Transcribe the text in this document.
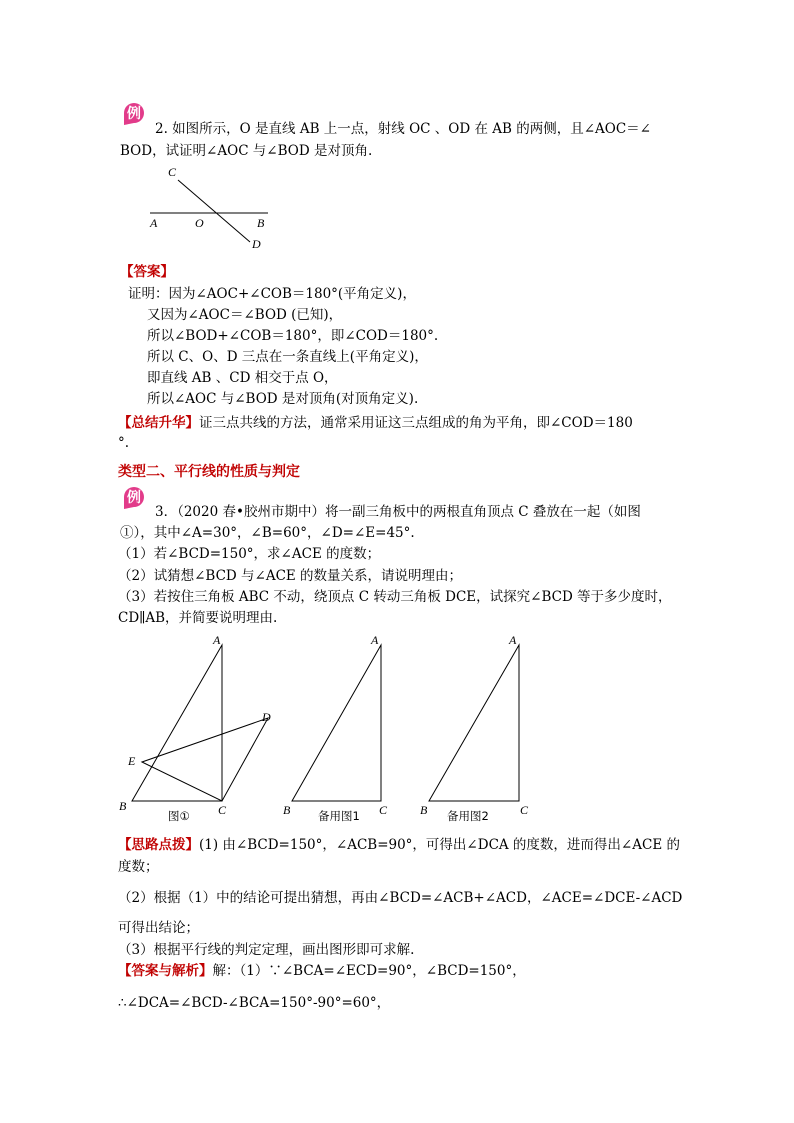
例
2. 如图所示，O 是直线 AB 上一点，射线 OC 、OD 在 AB 的两侧，且∠AOC＝∠
BOD，试证明∠AOC 与∠BOD 是对顶角.
C
A	O	B
D
【答案】
证明：因为∠AOC+∠COB＝180°(平角定义)，
又因为∠AOC＝∠BOD (已知)，
所以∠BOD+∠COB＝180°，即∠COD＝180°.
所以 C、O、D 三点在一条直线上(平角定义)，
即直线 AB 、CD 相交于点 O，
所以∠AOC 与∠BOD 是对顶角(对顶角定义).
【总结升华】证三点共线的方法，通常采用证这三点组成的角为平角，即∠COD＝180
°.
类型二、平行线的性质与判定
例
3．（2020 春•胶州市期中）将一副三角板中的两根直角顶点 C 叠放在一起（如图
①），其中∠A=30°，∠B=60°，∠D=∠E=45°.
（1）若∠BCD=150°，求∠ACE 的度数；
（2）试猜想∠BCD 与∠ACE 的数量关系，请说明理由；
（3）若按住三角板 ABC 不动，绕顶点 C 转动三角板 DCE，试探究∠BCD 等于多少度时，
CD∥AB，并简要说明理由.
A
D
E
B	C
图①
A
B	C
备用图1
A
B	C
备用图2
【思路点拨】(1) 由∠BCD=150°，∠ACB=90°，可得出∠DCA 的度数，进而得出∠ACE 的
度数；
（2）根据（1）中的结论可提出猜想，再由∠BCD=∠ACB+∠ACD，∠ACE=∠DCE-∠ACD
可得出结论；
（3）根据平行线的判定定理，画出图形即可求解.
【答案与解析】解：（1）∵∠BCA=∠ECD=90°，∠BCD=150°，
∴∠DCA=∠BCD-∠BCA=150°-90°=60°，
